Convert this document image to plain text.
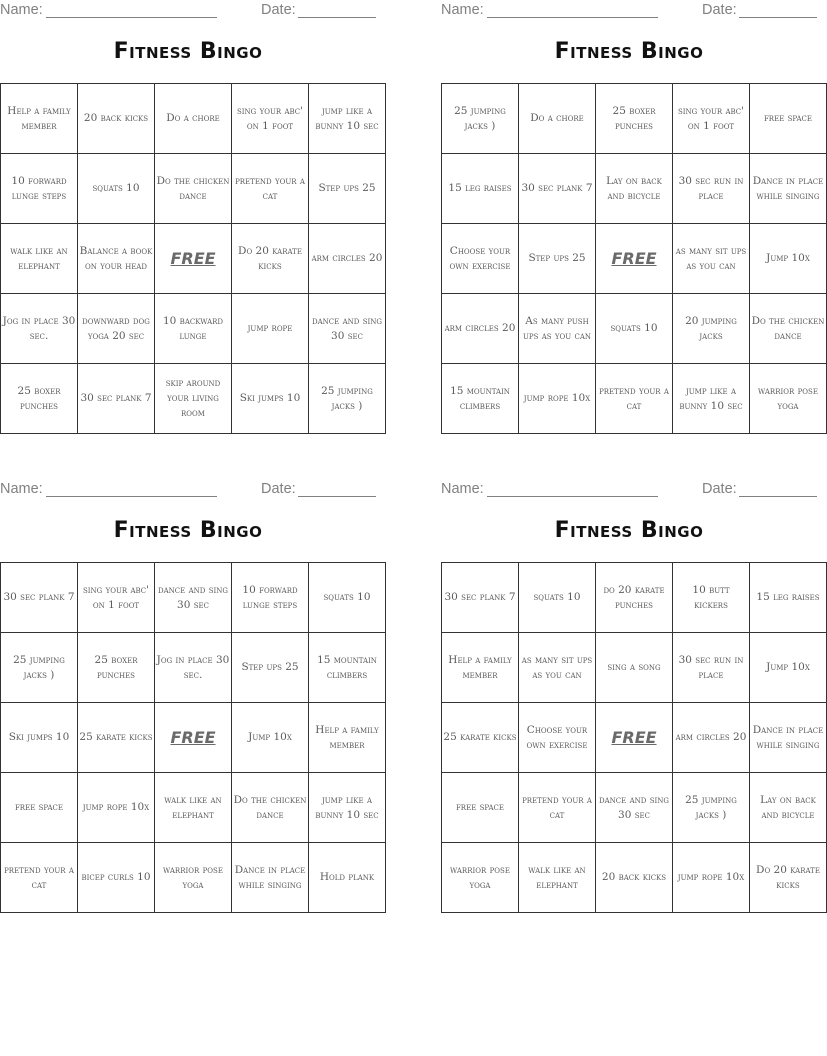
Name:	Date:
Fitness Bingo
Help a family member	20 back kicks	Do a chore	sing your abc' on 1 foot	jump like a bunny 10 sec
10 forward lunge steps	squats 10	Do the chicken dance	pretend your a cat	Step ups 25
walk like an elephant	Balance a book on your head	FREE	Do 20 karate kicks	arm circles 20
Jog in place 30 sec.	downward dog yoga 20 sec	10 backward lunge	jump rope	dance and sing 30 sec
25 boxer punches	30 sec plank 7	skip around your living room	Ski jumps 10	25 jumping jacks )
Name:	Date:
Fitness Bingo
25 jumping jacks )	Do a chore	25 boxer punches	sing your abc' on 1 foot	free space
15 leg raises	30 sec plank 7	Lay on back and bicycle	30 sec run in place	Dance in place while singing
Choose your own exercise	Step ups 25	FREE	as many sit ups as you can	Jump 10x
arm circles 20	As many push ups as you can	squats 10	20 jumping jacks	Do the chicken dance
15 mountain climbers	jump rope 10x	pretend your a cat	jump like a bunny 10 sec	warrior pose yoga
Name:	Date:
Fitness Bingo
30 sec plank 7	sing your abc' on 1 foot	dance and sing 30 sec	10 forward lunge steps	squats 10
25 jumping jacks )	25 boxer punches	Jog in place 30 sec.	Step ups 25	15 mountain climbers
Ski jumps 10	25 karate kicks	FREE	Jump 10x	Help a family member
free space	jump rope 10x	walk like an elephant	Do the chicken dance	jump like a bunny 10 sec
pretend your a cat	bicep curls 10	warrior pose yoga	Dance in place while singing	Hold plank
Name:	Date:
Fitness Bingo
30 sec plank 7	squats 10	do 20 karate punches	10 butt kickers	15 leg raises
Help a family member	as many sit ups as you can	sing a song	30 sec run in place	Jump 10x
25 karate kicks	Choose your own exercise	FREE	arm circles 20	Dance in place while singing
free space	pretend your a cat	dance and sing 30 sec	25 jumping jacks )	Lay on back and bicycle
warrior pose yoga	walk like an elephant	20 back kicks	jump rope 10x	Do 20 karate kicks
